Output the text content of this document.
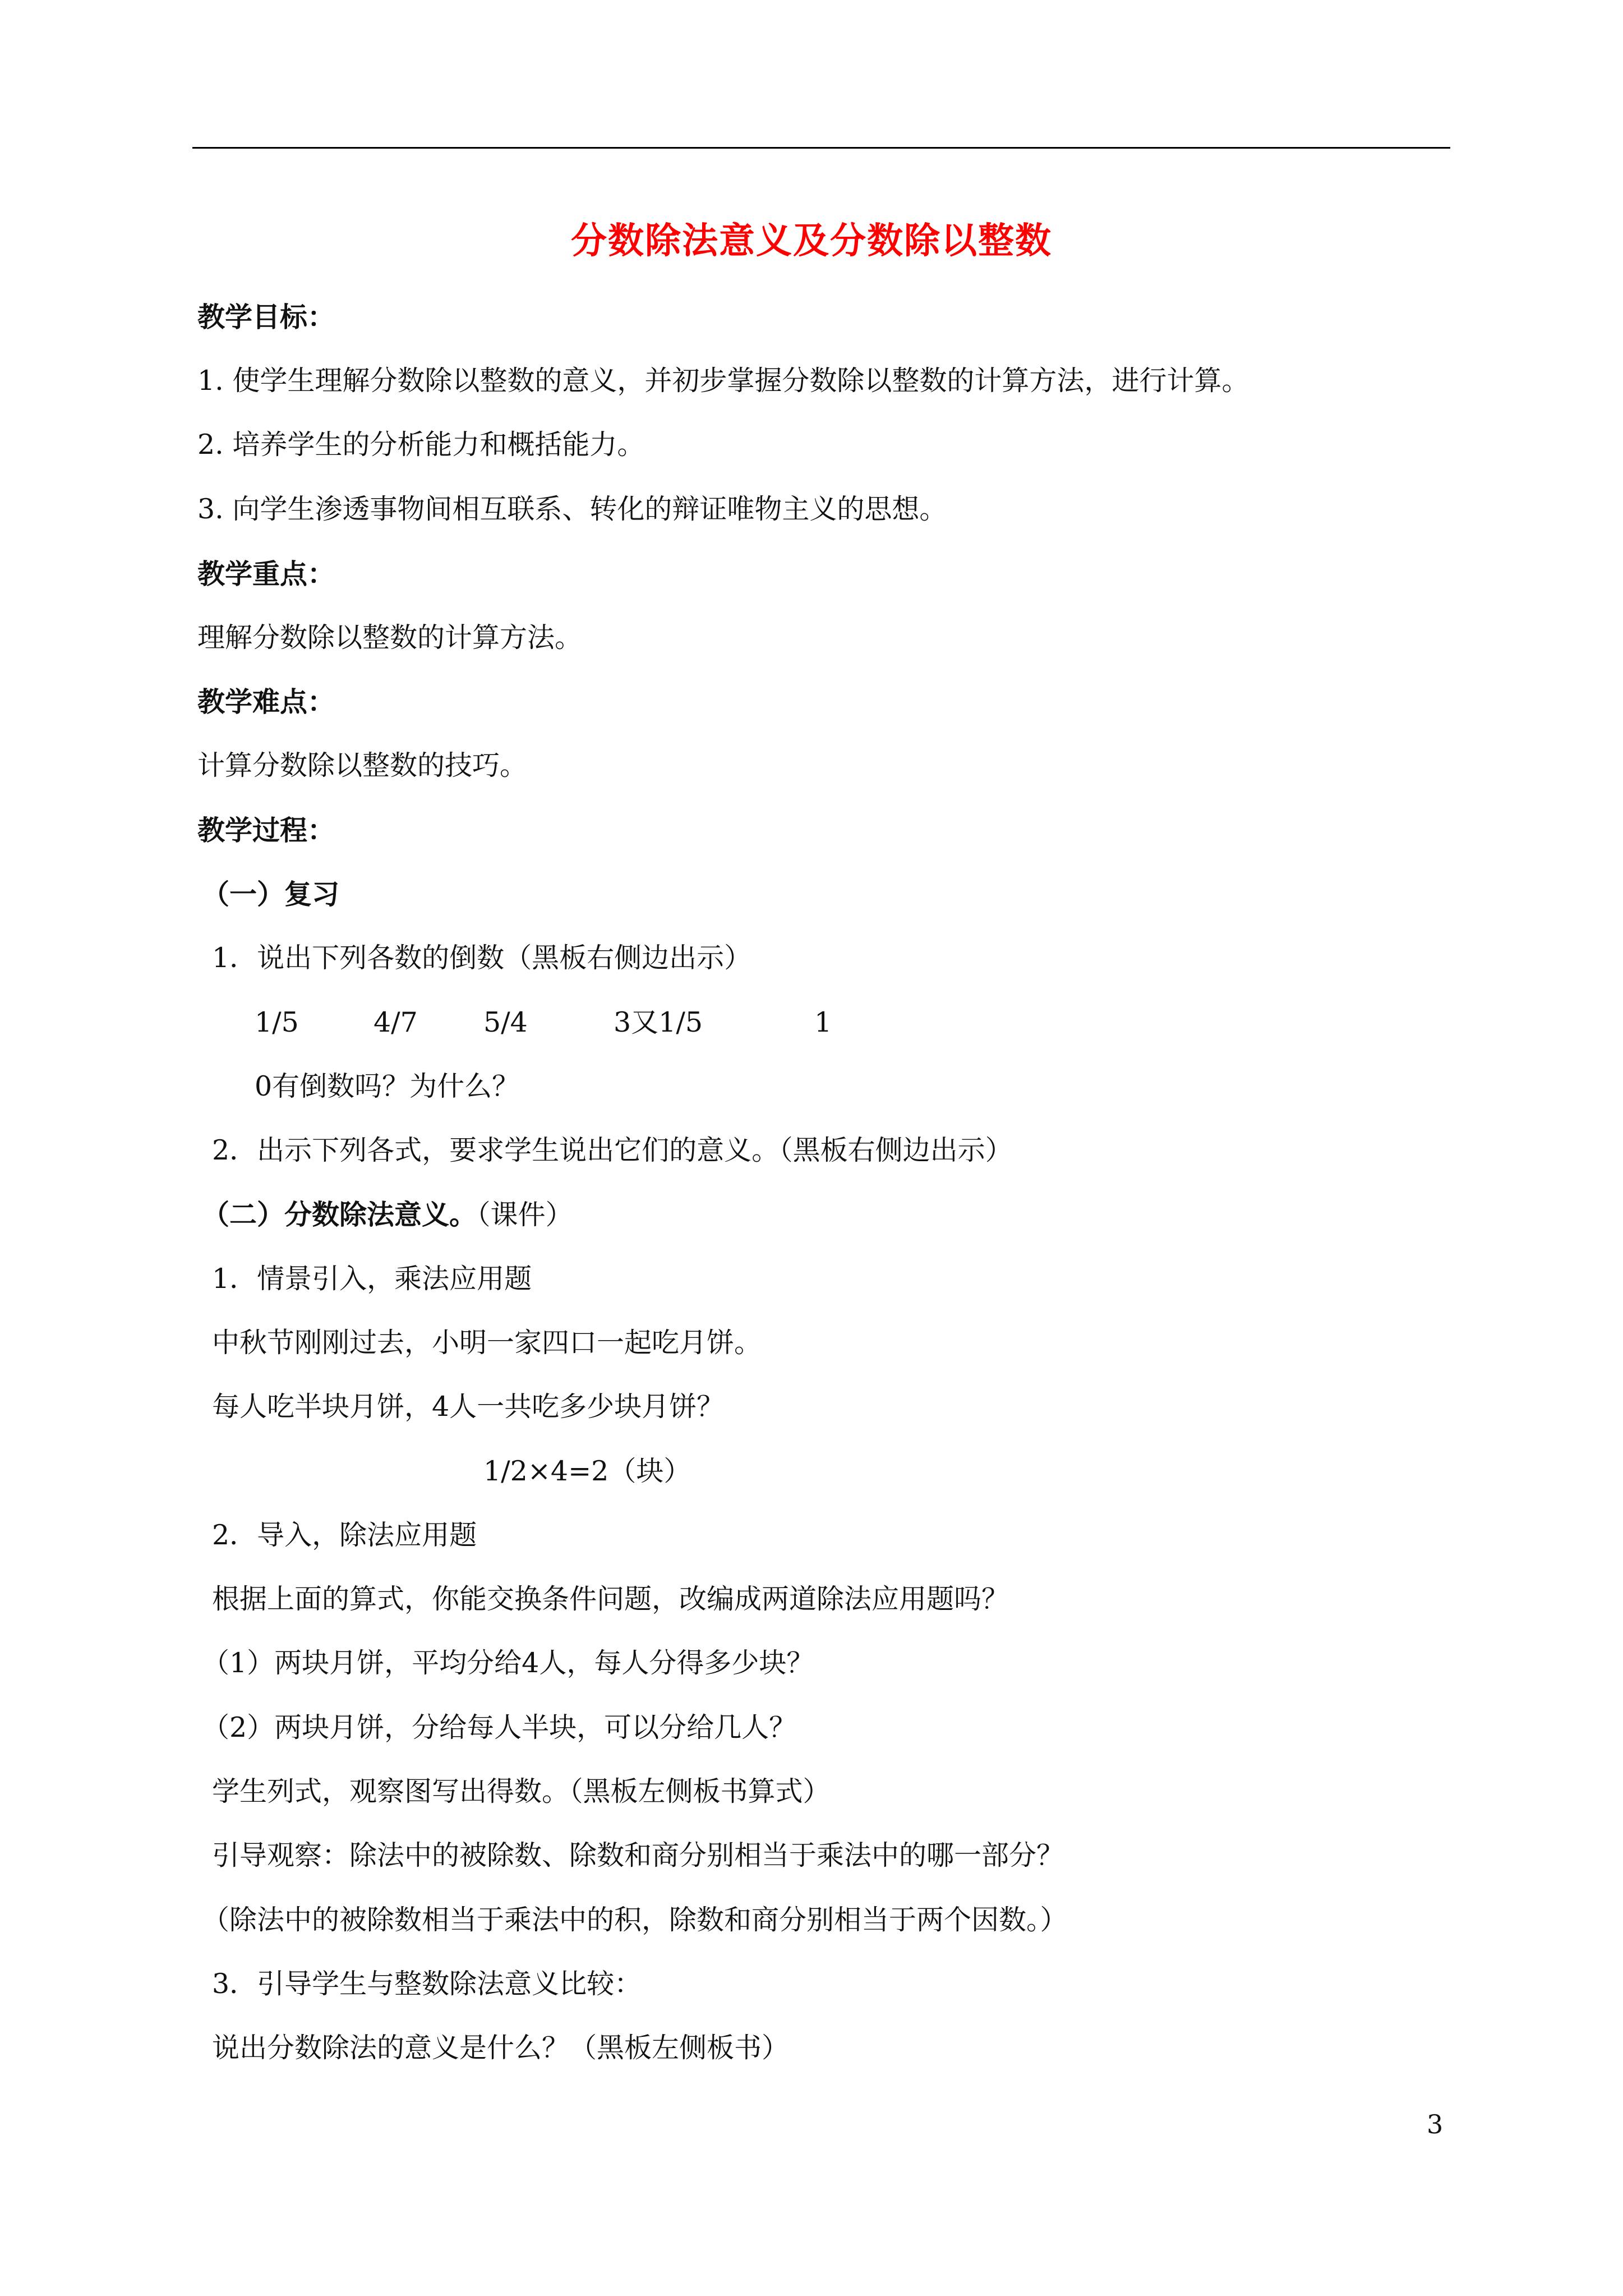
分数除法意义及分数除以整数
教学目标：
1. 使学生理解分数除以整数的意义，并初步掌握分数除以整数的计算方法，进行计算。
2. 培养学生的分析能力和概括能力。
3. 向学生渗透事物间相互联系、转化的辩证唯物主义的思想。
教学重点：
理解分数除以整数的计算方法。
教学难点：
计算分数除以整数的技巧。
教学过程：
（一）复习
1．说出下列各数的倒数（黑板右侧边出示）
1/5	4/7 5/4	3又1/5	1
0有倒数吗？为什么？
2．出示下列各式，要求学生说出它们的意义。（黑板右侧边出示）
（二）分数除法意义。（课件）
1．情景引入，乘法应用题
中秋节刚刚过去，小明一家四口一起吃月饼。
每人吃半块月饼，4人一共吃多少块月饼？
1/2×4=2（块）
2．导入，除法应用题
根据上面的算式，你能交换条件问题，改编成两道除法应用题吗？
（1）两块月饼，平均分给4人，每人分得多少块？
（2）两块月饼，分给每人半块，可以分给几人？
学生列式，观察图写出得数。（黑板左侧板书算式）
引导观察：除法中的被除数、除数和商分别相当于乘法中的哪一部分？
（除法中的被除数相当于乘法中的积，除数和商分别相当于两个因数。）
3．引导学生与整数除法意义比较：
说出分数除法的意义是什么？（黑板左侧板书）
3
